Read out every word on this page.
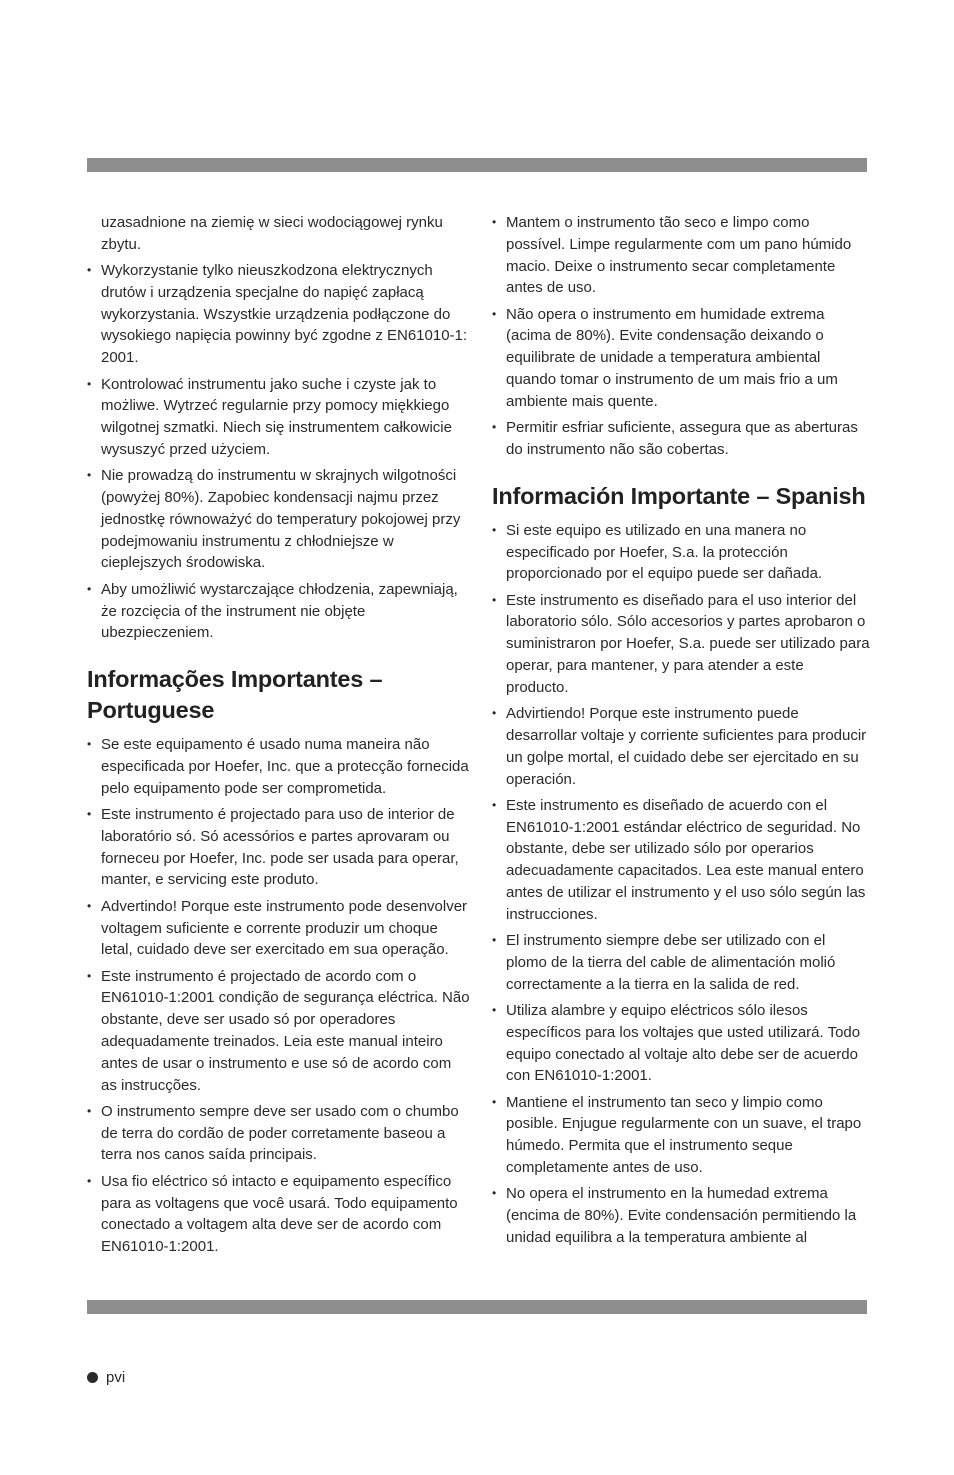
uzasadnione na ziemię w sieci wodociągowej rynku zbytu.

• Wykorzystanie tylko nieuszkodzona elektrycznych drutów i urządzenia specjalne do napięć zapłacą wykorzystania. Wszystkie urządzenia podłączone do wysokiego napięcia powinny być zgodne z EN61010-1: 2001.
• Kontrolować instrumentu jako suche i czyste jak to możliwe. Wytrzeć regularnie przy pomocy miękkiego wilgotnej szmatki. Niech się instrumentem całkowicie wysuszyć przed użyciem.
• Nie prowadzą do instrumentu w skrajnych wilgotności (powyżej 80%). Zapobiec kondensacji najmu przez jednostkę równoważyć do temperatury pokojowej przy podejmowaniu instrumentu z chłodniejsze w cieplejszych środowiska.
• Aby umożliwić wystarczające chłodzenia, zapewniają, że rozcięcia of the instrument nie objęte ubezpieczeniem.
Informações Importantes – Portuguese
• Se este equipamento é usado numa maneira não especificada por Hoefer, Inc. que a protecção fornecida pelo equipamento pode ser comprometida.
• Este instrumento é projectado para uso de interior de laboratório só. Só acessórios e partes aprovaram ou forneceu por Hoefer, Inc. pode ser usada para operar, manter, e servicing este produto.
• Advertindo! Porque este instrumento pode desenvolver voltagem suficiente e corrente produzir um choque letal, cuidado deve ser exercitado em sua operação.
• Este instrumento é projectado de acordo com o EN61010-1:2001 condição de segurança eléctrica. Não obstante, deve ser usado só por operadores adequadamente treinados. Leia este manual inteiro antes de usar o instrumento e use só de acordo com as instrucções.
• O instrumento sempre deve ser usado com o chumbo de terra do cordão de poder corretamente baseou a terra nos canos saída principais.
• Usa fio eléctrico só intacto e equipamento específico para as voltagens que você usará. Todo equipamento conectado a voltagem alta deve ser de acordo com EN61010-1:2001.
• Mantem o instrumento tão seco e limpo como possível. Limpe regularmente com um pano húmido macio. Deixe o instrumento secar completamente antes de uso.
• Não opera o instrumento em humidade extrema (acima de 80%). Evite condensação deixando o equilibrate de unidade a temperatura ambiental quando tomar o instrumento de um mais frio a um ambiente mais quente.
• Permitir esfriar suficiente, assegura que as aberturas do instrumento não são cobertas.
Información Importante – Spanish
• Si este equipo es utilizado en una manera no especificado por Hoefer, S.a. la protección proporcionado por el equipo puede ser dañada.
• Este instrumento es diseñado para el uso interior del laboratorio sólo. Sólo accesorios y partes aprobaron o suministraron por Hoefer, S.a. puede ser utilizado para operar, para mantener, y para atender a este producto.
• Advirtiendo! Porque este instrumento puede desarrollar voltaje y corriente suficientes para producir un golpe mortal, el cuidado debe ser ejercitado en su operación.
• Este instrumento es diseñado de acuerdo con el EN61010-1:2001 estándar eléctrico de seguridad. No obstante, debe ser utilizado sólo por operarios adecuadamente capacitados. Lea este manual entero antes de utilizar el instrumento y el uso sólo según las instrucciones.
• El instrumento siempre debe ser utilizado con el plomo de la tierra del cable de alimentación molió correctamente a la tierra en la salida de red.
• Utiliza alambre y equipo eléctricos sólo ilesos específicos para los voltajes que usted utilizará. Todo equipo conectado al voltaje alto debe ser de acuerdo con EN61010-1:2001.
• Mantiene el instrumento tan seco y limpio como posible. Enjugue regularmente con un suave, el trapo húmedo. Permita que el instrumento seque completamente antes de uso.
• No opera el instrumento en la humedad extrema (encima de 80%). Evite condensación permitiendo la unidad equilibra a la temperatura ambiente al
pvi
